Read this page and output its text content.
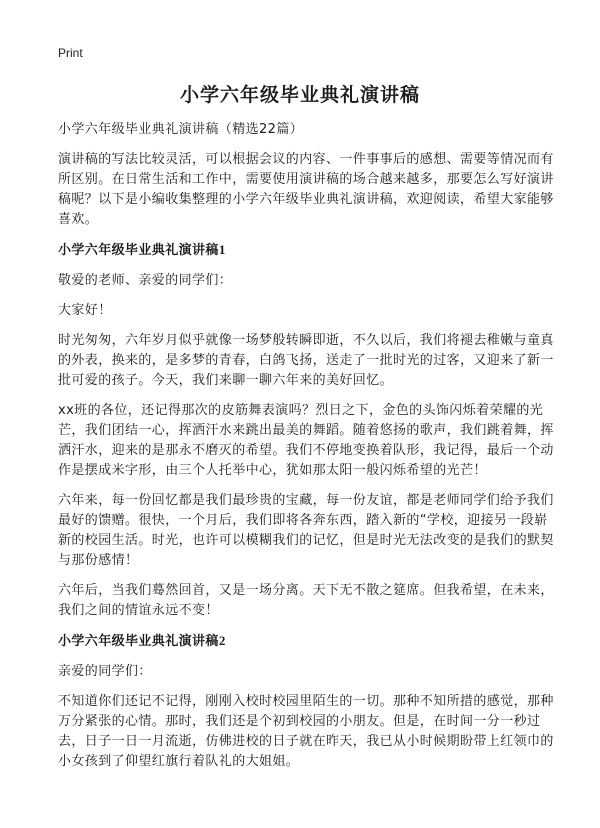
Print
小学六年级毕业典礼演讲稿

小学六年级毕业典礼演讲稿（精选22篇）

演讲稿的写法比较灵活，可以根据会议的内容、一件事事后的感想、需要等情况而有所区别。在日常生活和工作中，需要使用演讲稿的场合越来越多，那要怎么写好演讲稿呢？以下是小编收集整理的小学六年级毕业典礼演讲稿，欢迎阅读，希望大家能够喜欢。

小学六年级毕业典礼演讲稿1

敬爱的老师、亲爱的同学们：

大家好！

时光匆匆，六年岁月似乎就像一场梦般转瞬即逝，不久以后，我们将褪去稚嫩与童真的外表，换来的，是多梦的青春，白鸽飞扬，送走了一批时光的过客，又迎来了新一批可爱的孩子。今天，我们来聊一聊六年来的美好回忆。

xx班的各位，还记得那次的皮筋舞表演吗？烈日之下，金色的头饰闪烁着荣耀的光芒，我们团结一心，挥洒汗水来跳出最美的舞蹈。随着悠扬的歌声，我们跳着舞，挥洒汗水，迎来的是那永不磨灭的希望。我们不停地变换着队形，我记得，最后一个动作是摆成米字形，由三个人托举中心，犹如那太阳一般闪烁希望的光芒！

六年来，每一份回忆都是我们最珍贵的宝藏，每一份友谊，都是老师同学们给予我们最好的馈赠。很快，一个月后，我们即将各奔东西，踏入新的“学校，迎接另一段崭新的校园生活。时光，也许可以模糊我们的记忆，但是时光无法改变的是我们的默契与那份感情！

六年后，当我们蓦然回首，又是一场分离。天下无不散之筵席。但我希望，在未来，我们之间的情谊永远不变！

小学六年级毕业典礼演讲稿2

亲爱的同学们：

不知道你们还记不记得，刚刚入校时校园里陌生的一切。那种不知所措的感觉，那种万分紧张的心情。那时，我们还是个初到校园的小朋友。但是，在时间一分一秒过去，日子一日一月流逝，仿佛进校的日子就在昨天，我已从小时候期盼带上红领巾的小女孩到了仰望红旗行着队礼的大姐姐。
